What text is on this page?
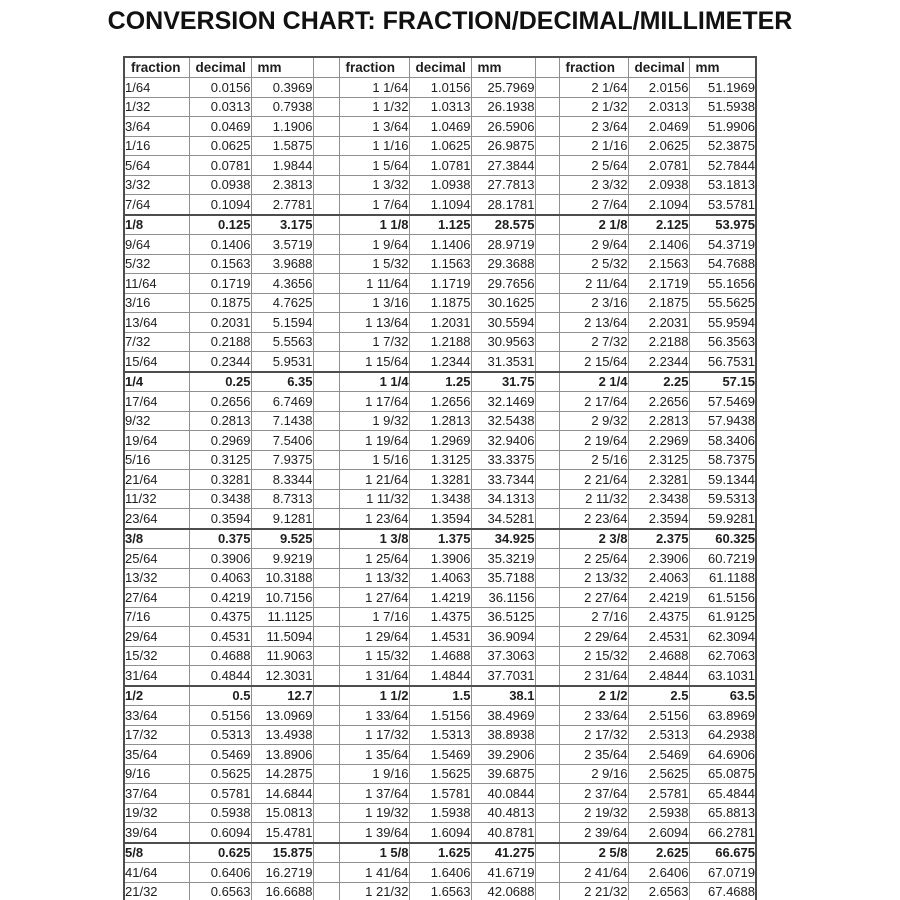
CONVERSION CHART: FRACTION/DECIMAL/MILLIMETER
fraction	decimal	mm		fraction	decimal	mm		fraction	decimal	mm
1/64	0.0156	0.3969		1 1/64	1.0156	25.7969		2 1/64	2.0156	51.1969
1/32	0.0313	0.7938		1 1/32	1.0313	26.1938		2 1/32	2.0313	51.5938
3/64	0.0469	1.1906		1 3/64	1.0469	26.5906		2 3/64	2.0469	51.9906
1/16	0.0625	1.5875		1 1/16	1.0625	26.9875		2 1/16	2.0625	52.3875
5/64	0.0781	1.9844		1 5/64	1.0781	27.3844		2 5/64	2.0781	52.7844
3/32	0.0938	2.3813		1 3/32	1.0938	27.7813		2 3/32	2.0938	53.1813
7/64	0.1094	2.7781		1 7/64	1.1094	28.1781		2 7/64	2.1094	53.5781
1/8	0.125	3.175		1 1/8	1.125	28.575		2 1/8	2.125	53.975
9/64	0.1406	3.5719		1 9/64	1.1406	28.9719		2 9/64	2.1406	54.3719
5/32	0.1563	3.9688		1 5/32	1.1563	29.3688		2 5/32	2.1563	54.7688
11/64	0.1719	4.3656		1 11/64	1.1719	29.7656		2 11/64	2.1719	55.1656
3/16	0.1875	4.7625		1 3/16	1.1875	30.1625		2 3/16	2.1875	55.5625
13/64	0.2031	5.1594		1 13/64	1.2031	30.5594		2 13/64	2.2031	55.9594
7/32	0.2188	5.5563		1 7/32	1.2188	30.9563		2 7/32	2.2188	56.3563
15/64	0.2344	5.9531		1 15/64	1.2344	31.3531		2 15/64	2.2344	56.7531
1/4	0.25	6.35		1 1/4	1.25	31.75		2 1/4	2.25	57.15
17/64	0.2656	6.7469		1 17/64	1.2656	32.1469		2 17/64	2.2656	57.5469
9/32	0.2813	7.1438		1 9/32	1.2813	32.5438		2 9/32	2.2813	57.9438
19/64	0.2969	7.5406		1 19/64	1.2969	32.9406		2 19/64	2.2969	58.3406
5/16	0.3125	7.9375		1 5/16	1.3125	33.3375		2 5/16	2.3125	58.7375
21/64	0.3281	8.3344		1 21/64	1.3281	33.7344		2 21/64	2.3281	59.1344
11/32	0.3438	8.7313		1 11/32	1.3438	34.1313		2 11/32	2.3438	59.5313
23/64	0.3594	9.1281		1 23/64	1.3594	34.5281		2 23/64	2.3594	59.9281
3/8	0.375	9.525		1 3/8	1.375	34.925		2 3/8	2.375	60.325
25/64	0.3906	9.9219		1 25/64	1.3906	35.3219		2 25/64	2.3906	60.7219
13/32	0.4063	10.3188		1 13/32	1.4063	35.7188		2 13/32	2.4063	61.1188
27/64	0.4219	10.7156		1 27/64	1.4219	36.1156		2 27/64	2.4219	61.5156
7/16	0.4375	11.1125		1 7/16	1.4375	36.5125		2 7/16	2.4375	61.9125
29/64	0.4531	11.5094		1 29/64	1.4531	36.9094		2 29/64	2.4531	62.3094
15/32	0.4688	11.9063		1 15/32	1.4688	37.3063		2 15/32	2.4688	62.7063
31/64	0.4844	12.3031		1 31/64	1.4844	37.7031		2 31/64	2.4844	63.1031
1/2	0.5	12.7		1 1/2	1.5	38.1		2 1/2	2.5	63.5
33/64	0.5156	13.0969		1 33/64	1.5156	38.4969		2 33/64	2.5156	63.8969
17/32	0.5313	13.4938		1 17/32	1.5313	38.8938		2 17/32	2.5313	64.2938
35/64	0.5469	13.8906		1 35/64	1.5469	39.2906		2 35/64	2.5469	64.6906
9/16	0.5625	14.2875		1 9/16	1.5625	39.6875		2 9/16	2.5625	65.0875
37/64	0.5781	14.6844		1 37/64	1.5781	40.0844		2 37/64	2.5781	65.4844
19/32	0.5938	15.0813		1 19/32	1.5938	40.4813		2 19/32	2.5938	65.8813
39/64	0.6094	15.4781		1 39/64	1.6094	40.8781		2 39/64	2.6094	66.2781
5/8	0.625	15.875		1 5/8	1.625	41.275		2 5/8	2.625	66.675
41/64	0.6406	16.2719		1 41/64	1.6406	41.6719		2 41/64	2.6406	67.0719
21/32	0.6563	16.6688		1 21/32	1.6563	42.0688		2 21/32	2.6563	67.4688
